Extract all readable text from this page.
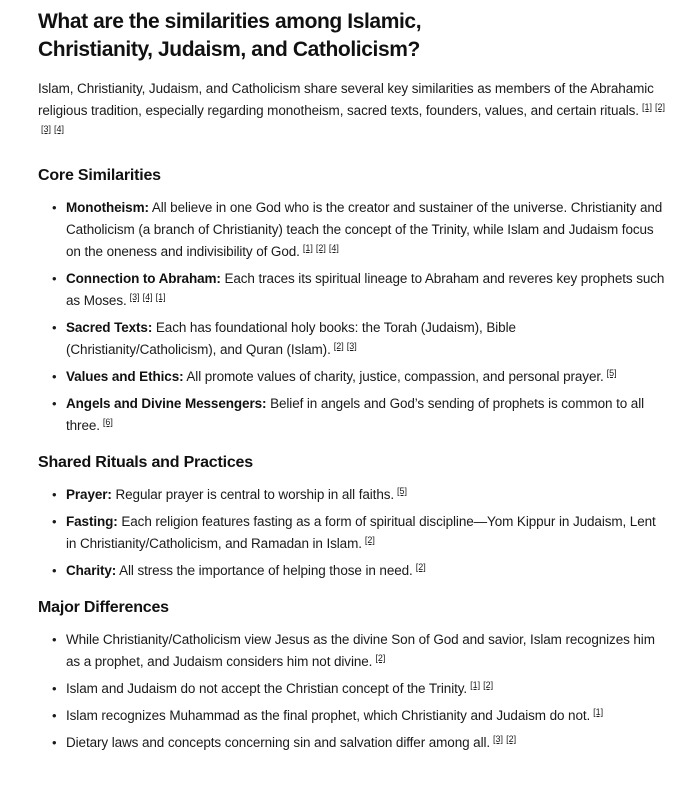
What are the similarities among Islamic, Christianity, Judaism, and Catholicism?

Islam, Christianity, Judaism, and Catholicism share several key similarities as members of the Abrahamic religious tradition, especially regarding monotheism, sacred texts, founders, values, and certain rituals. [1] [2][3] [4]

Core Similarities
• Monotheism: All believe in one God who is the creator and sustainer of the universe. Christianity and Catholicism (a branch of Christianity) teach the concept of the Trinity, while Islam and Judaism focus on the oneness and indivisibility of God. [1] [2] [4]
• Connection to Abraham: Each traces its spiritual lineage to Abraham and reveres key prophets such as Moses. [3] [4] [1]
• Sacred Texts: Each has foundational holy books: the Torah (Judaism), Bible (Christianity/Catholicism), and Quran (Islam). [2] [3]
• Values and Ethics: All promote values of charity, justice, compassion, and personal prayer. [5]
• Angels and Divine Messengers: Belief in angels and God’s sending of prophets is common to all three. [6]
Shared Rituals and Practices
• Prayer: Regular prayer is central to worship in all faiths. [5]
• Fasting: Each religion features fasting as a form of spiritual discipline—Yom Kippur in Judaism, Lent in Christianity/Catholicism, and Ramadan in Islam. [2]
• Charity: All stress the importance of helping those in need. [2]
Major Differences
• While Christianity/Catholicism view Jesus as the divine Son of God and savior, Islam recognizes him as a prophet, and Judaism considers him not divine. [2]
• Islam and Judaism do not accept the Christian concept of the Trinity. [1] [2]
• Islam recognizes Muhammad as the final prophet, which Christianity and Judaism do not. [1]
• Dietary laws and concepts concerning sin and salvation differ among all. [3] [2]
